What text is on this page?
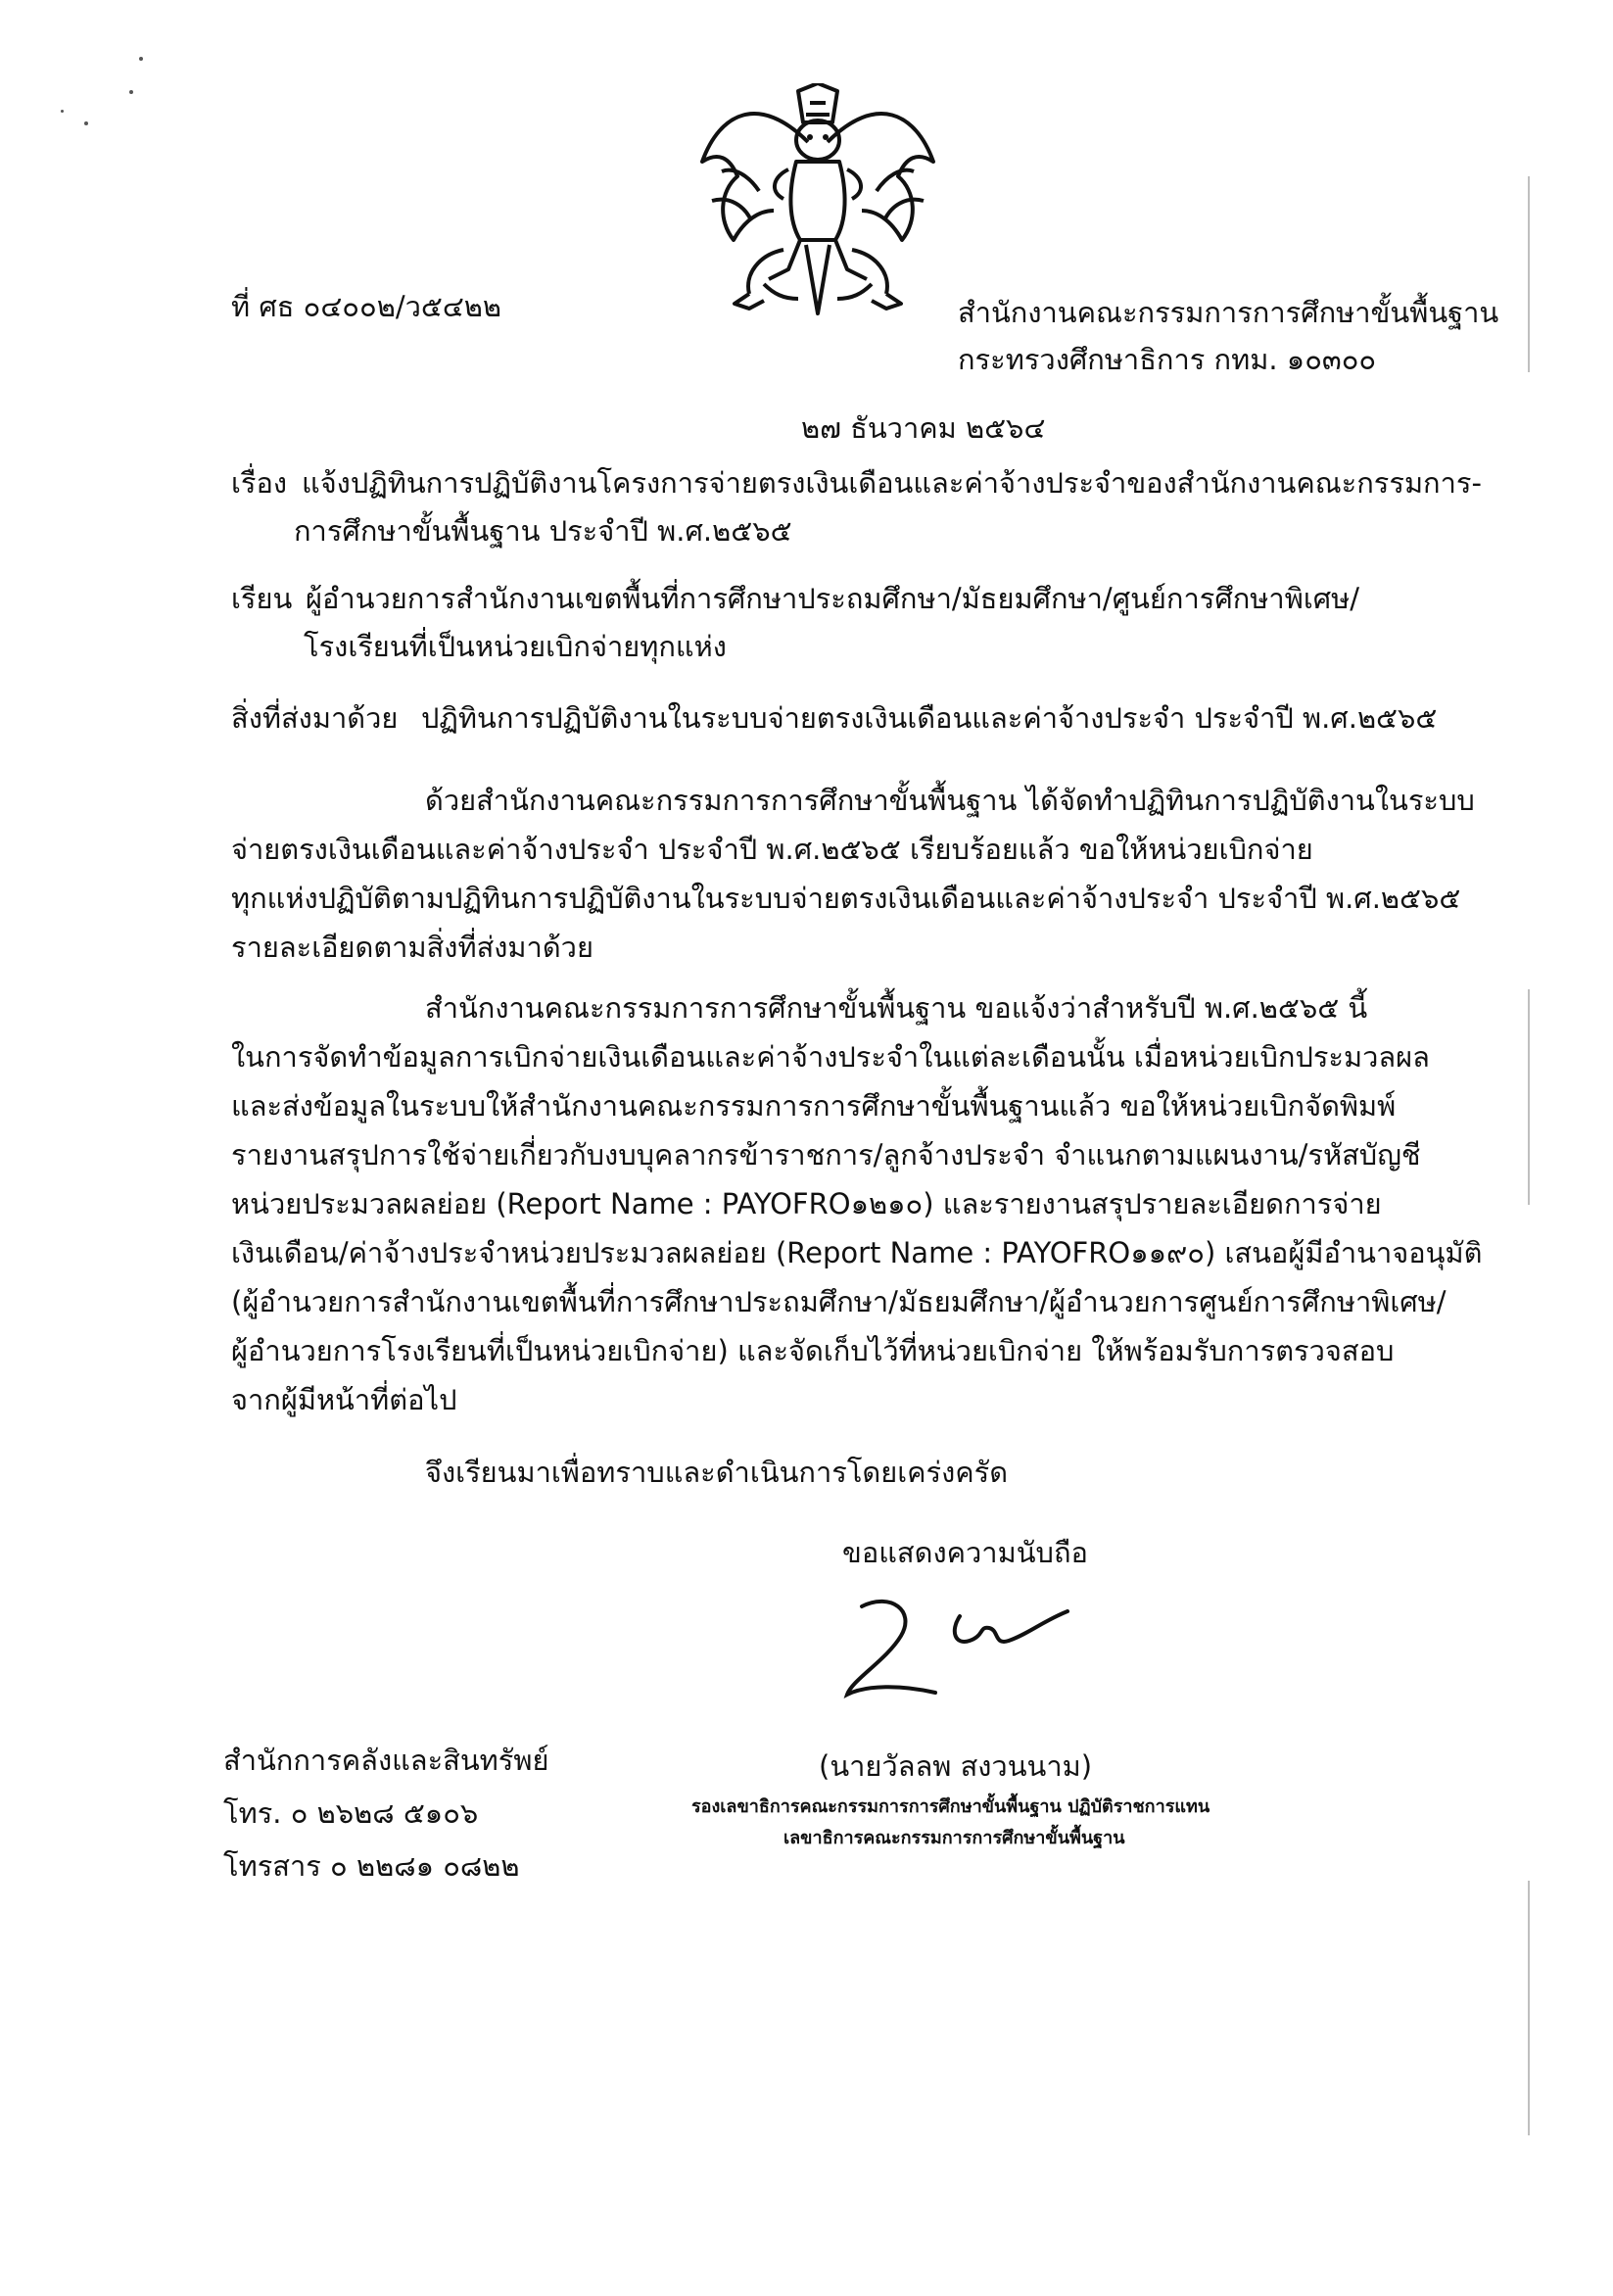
ที่ ศธ ๐๔๐๐๒/ว๕๔๒๒	สำนักงานคณะกรรมการการศึกษาขั้นพื้นฐาน
กระทรวงศึกษาธิการ กทม. ๑๐๓๐๐
๒๗ ธันวาคม ๒๕๖๔
เรื่อง แจ้งปฏิทินการปฏิบัติงานโครงการจ่ายตรงเงินเดือนและค่าจ้างประจำของสำนักงานคณะกรรมการ-
การศึกษาขั้นพื้นฐาน ประจำปี พ.ศ.๒๕๖๕
เรียน ผู้อำนวยการสำนักงานเขตพื้นที่การศึกษาประถมศึกษา/มัธยมศึกษา/ศูนย์การศึกษาพิเศษ/
โรงเรียนที่เป็นหน่วยเบิกจ่ายทุกแห่ง
สิ่งที่ส่งมาด้วย ปฏิทินการปฏิบัติงานในระบบจ่ายตรงเงินเดือนและค่าจ้างประจำ ประจำปี พ.ศ.๒๕๖๕
ด้วยสำนักงานคณะกรรมการการศึกษาขั้นพื้นฐาน ได้จัดทำปฏิทินการปฏิบัติงานในระบบ
จ่ายตรงเงินเดือนและค่าจ้างประจำ ประจำปี พ.ศ.๒๕๖๕ เรียบร้อยแล้ว ขอให้หน่วยเบิกจ่าย
ทุกแห่งปฏิบัติตามปฏิทินการปฏิบัติงานในระบบจ่ายตรงเงินเดือนและค่าจ้างประจำ ประจำปี พ.ศ.๒๕๖๕
รายละเอียดตามสิ่งที่ส่งมาด้วย
สำนักงานคณะกรรมการการศึกษาขั้นพื้นฐาน ขอแจ้งว่าสำหรับปี พ.ศ.๒๕๖๕ นี้
ในการจัดทำข้อมูลการเบิกจ่ายเงินเดือนและค่าจ้างประจำในแต่ละเดือนนั้น เมื่อหน่วยเบิกประมวลผล
และส่งข้อมูลในระบบให้สำนักงานคณะกรรมการการศึกษาขั้นพื้นฐานแล้ว ขอให้หน่วยเบิกจัดพิมพ์
รายงานสรุปการใช้จ่ายเกี่ยวกับงบบุคลากรข้าราชการ/ลูกจ้างประจำ จำแนกตามแผนงาน/รหัสบัญชี
หน่วยประมวลผลย่อย (Report Name : PAYOFRO๑๒๑๐) และรายงานสรุปรายละเอียดการจ่าย
เงินเดือน/ค่าจ้างประจำหน่วยประมวลผลย่อย (Report Name : PAYOFRO๑๑๙๐) เสนอผู้มีอำนาจอนุมัติ
(ผู้อำนวยการสำนักงานเขตพื้นที่การศึกษาประถมศึกษา/มัธยมศึกษา/ผู้อำนวยการศูนย์การศึกษาพิเศษ/
ผู้อำนวยการโรงเรียนที่เป็นหน่วยเบิกจ่าย) และจัดเก็บไว้ที่หน่วยเบิกจ่าย ให้พร้อมรับการตรวจสอบ
จากผู้มีหน้าที่ต่อไป
จึงเรียนมาเพื่อทราบและดำเนินการโดยเคร่งครัด
ขอแสดงความนับถือ
(นายวัลลพ สงวนนาม)
รองเลขาธิการคณะกรรมการการศึกษาขั้นพื้นฐาน ปฏิบัติราชการแทน
เลขาธิการคณะกรรมการการศึกษาขั้นพื้นฐาน
สำนักการคลังและสินทรัพย์
โทร. ๐ ๒๖๒๘ ๕๑๐๖
โทรสาร ๐ ๒๒๘๑ ๐๘๒๒
